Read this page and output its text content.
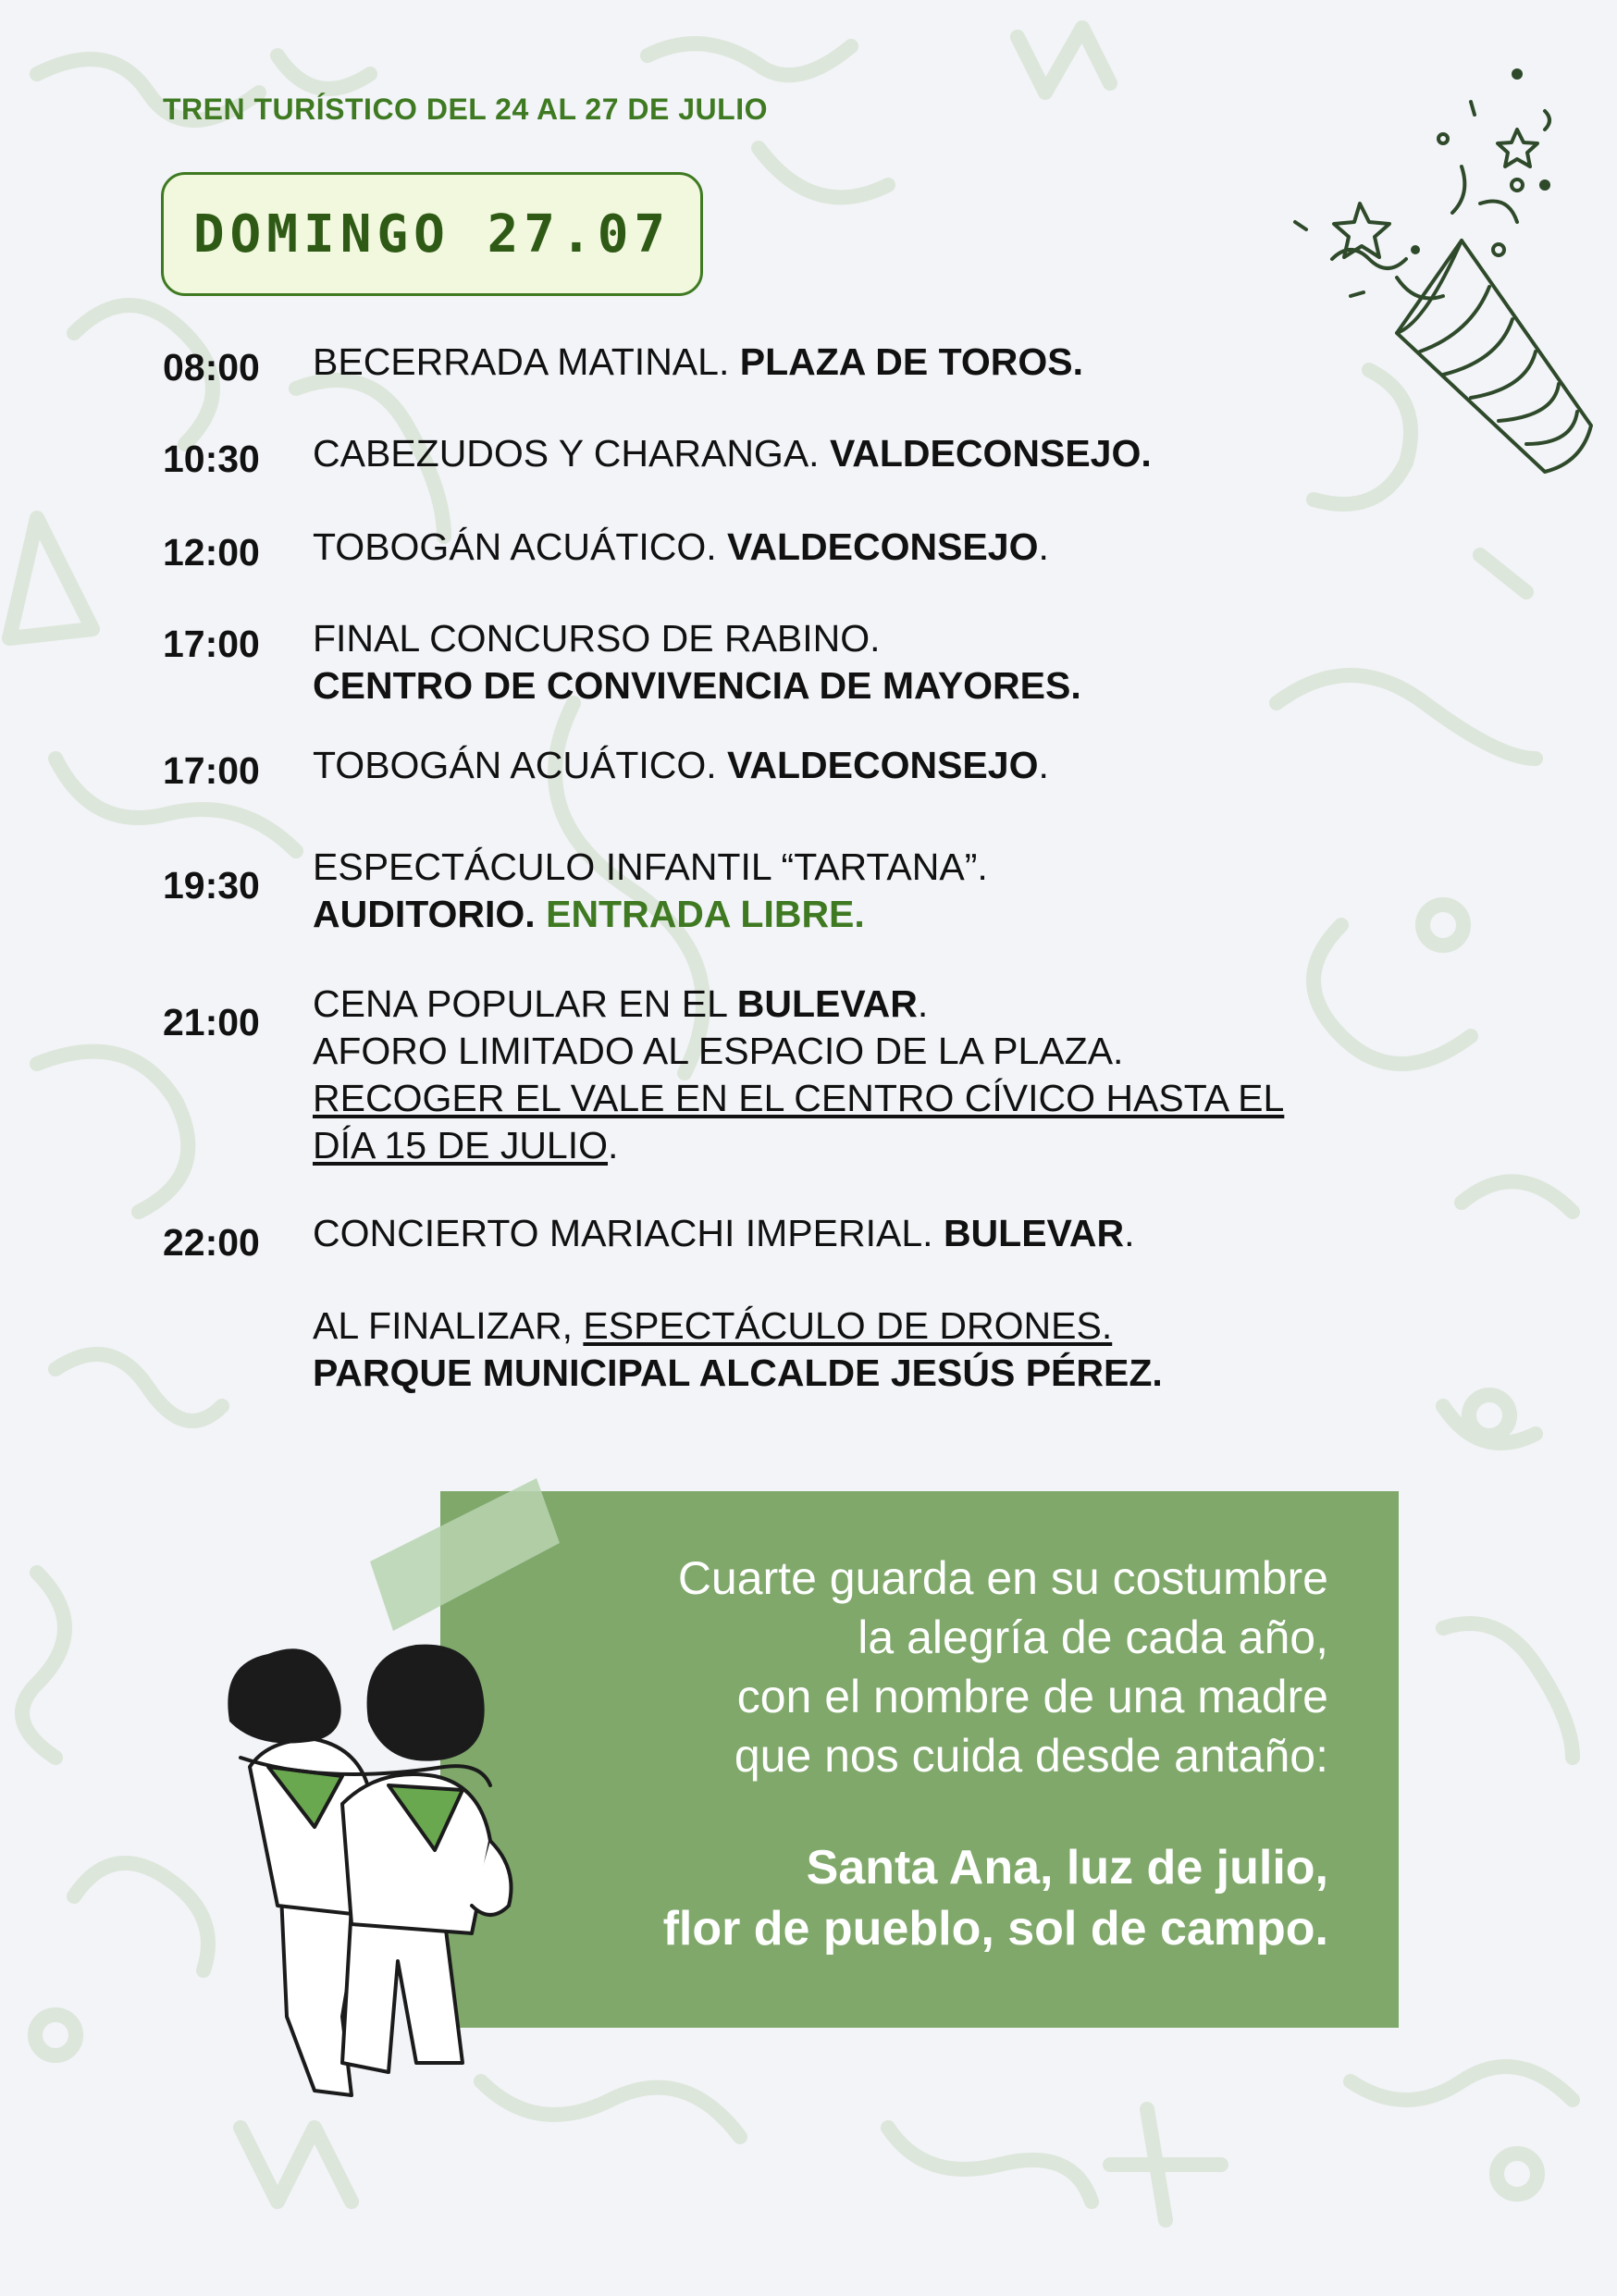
TREN TURÍSTICO DEL 24 AL 27 DE JULIO
DOMINGO 27.07
08:00 BECERRADA MATINAL. PLAZA DE TOROS.
10:30 CABEZUDOS Y CHARANGA. VALDECONSEJO.
12:00 TOBOGÁN ACUÁTICO. VALDECONSEJO.
17:00 FINAL CONCURSO DE RABINO.
CENTRO DE CONVIVENCIA DE MAYORES.
17:00 TOBOGÁN ACUÁTICO. VALDECONSEJO.
19:30 ESPECTÁCULO INFANTIL “TARTANA”.
AUDITORIO. ENTRADA LIBRE.
21:00 CENA POPULAR EN EL BULEVAR.
AFORO LIMITADO AL ESPACIO DE LA PLAZA.
RECOGER EL VALE EN EL CENTRO CÍVICO HASTA EL
DÍA 15 DE JULIO.
22:00 CONCIERTO MARIACHI IMPERIAL. BULEVAR.
AL FINALIZAR, ESPECTÁCULO DE DRONES.
PARQUE MUNICIPAL ALCALDE JESÚS PÉREZ.
Cuarte guarda en su costumbre
la alegría de cada año,
con el nombre de una madre
que nos cuida desde antaño:
Santa Ana, luz de julio,
flor de pueblo, sol de campo.
